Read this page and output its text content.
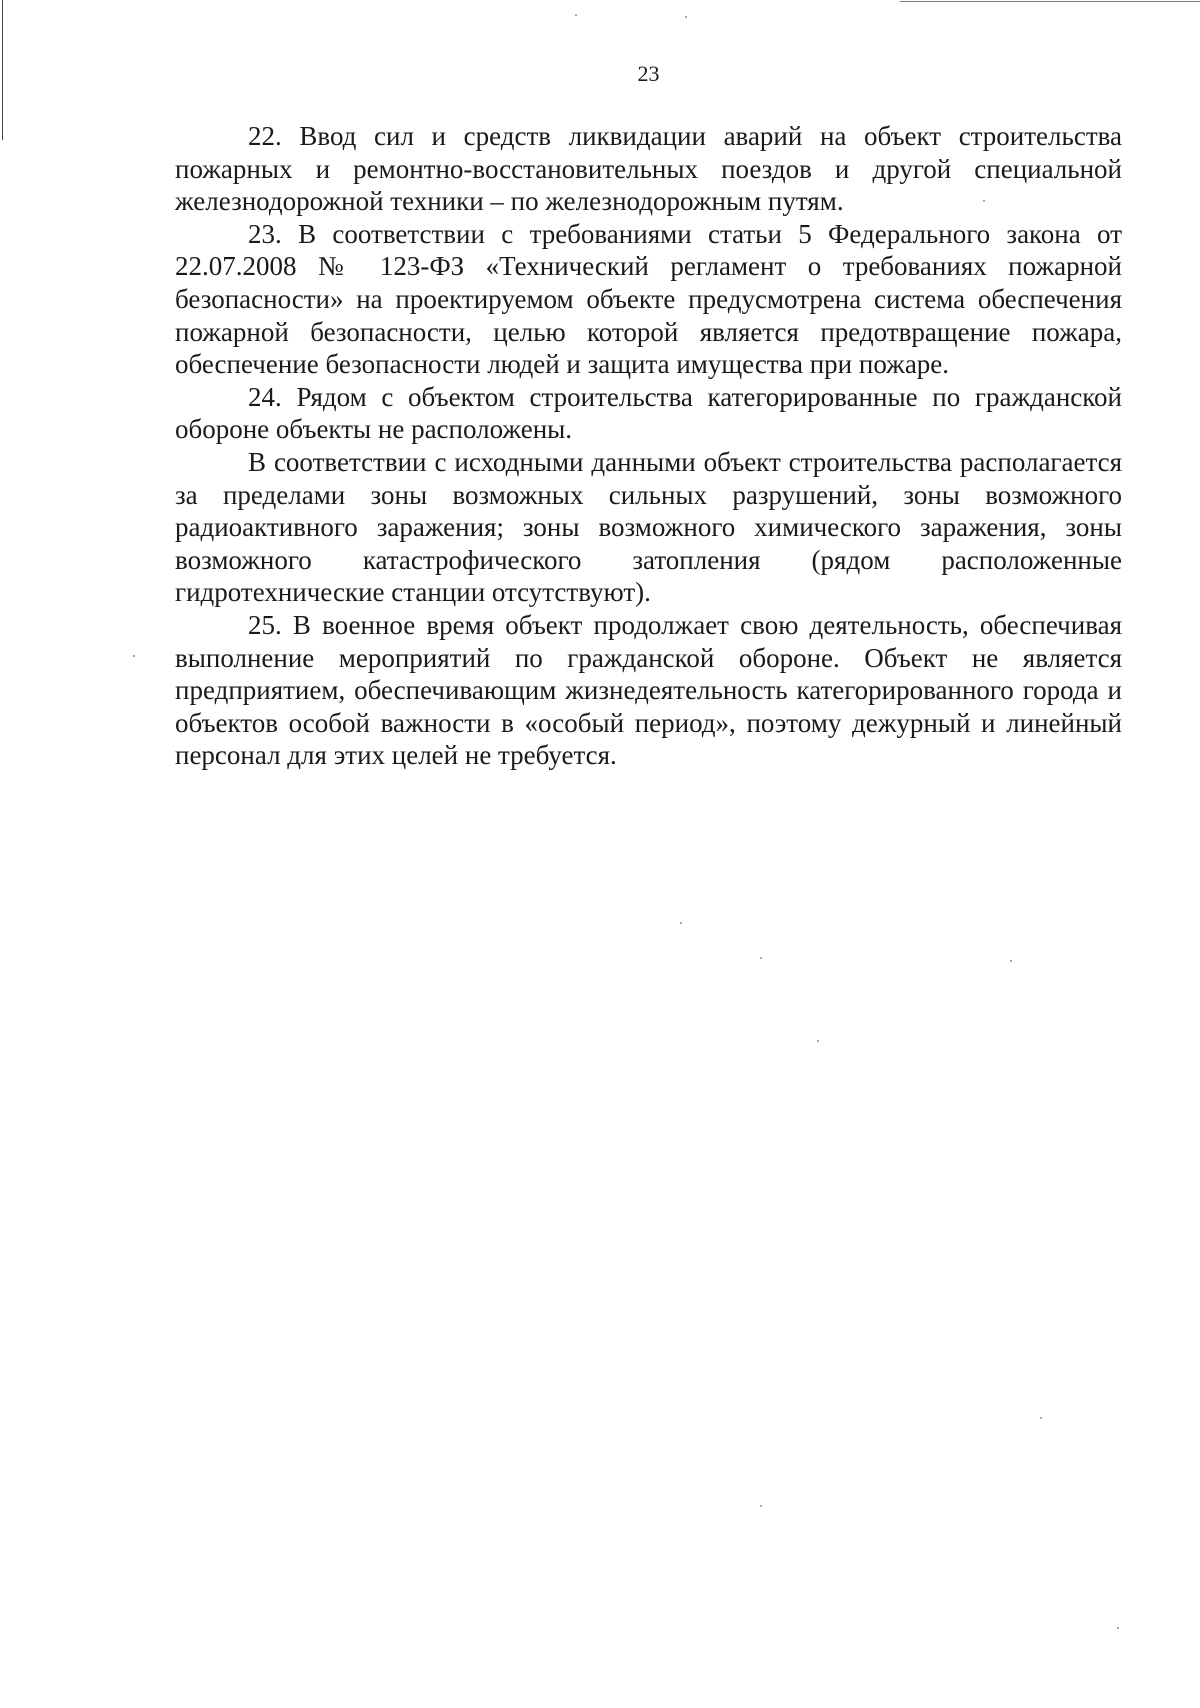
23

22. Ввод сил и средств ликвидации аварий на объект строительства пожарных и ремонтно-восстановительных поездов и другой специальной железнодорожной техники – по железнодорожным путям.

23. В соответствии с требованиями статьи 5 Федерального закона от 22.07.2008 № 123-ФЗ «Технический регламент о требованиях пожарной безопасности» на проектируемом объекте предусмотрена система обеспечения пожарной безопасности, целью которой является предотвращение пожара, обеспечение безопасности людей и защита имущества при пожаре.

24. Рядом с объектом строительства категорированные по гражданской обороне объекты не расположены.

В соответствии с исходными данными объект строительства располагается за пределами зоны возможных сильных разрушений, зоны возможного радиоактивного заражения; зоны возможного химического заражения, зоны возможного катастрофического затопления (рядом расположенные гидротехнические станции отсутствуют).

25. В военное время объект продолжает свою деятельность, обеспечивая выполнение мероприятий по гражданской обороне. Объект не является предприятием, обеспечивающим жизнедеятельность категорированного города и объектов особой важности в «особый период», поэтому дежурный и линейный персонал для этих целей не требуется.
